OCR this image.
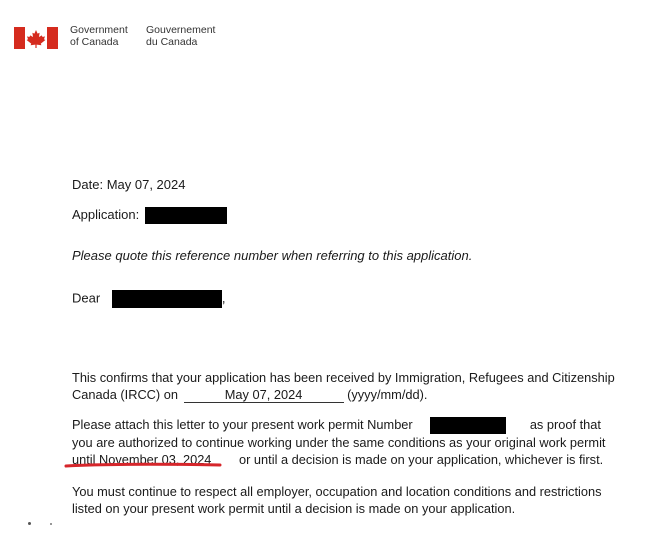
Government
of Canada
Gouvernement
du Canada
Date: May 07, 2024
Application:
Please quote this reference number when referring to this application.
Dear	,
This confirms that your application has been received by Immigration, Refugees and Citizenship
Canada (IRCC) on	May 07, 2024	(yyyy/mm/dd).
Please attach this letter to your present work permit Number	as proof that
you are authorized to continue working under the same conditions as your original work permit
until November 03, 2024 or until a decision is made on your application, whichever is first.
You must continue to respect all employer, occupation and location conditions and restrictions
listed on your present work permit until a decision is made on your application.
